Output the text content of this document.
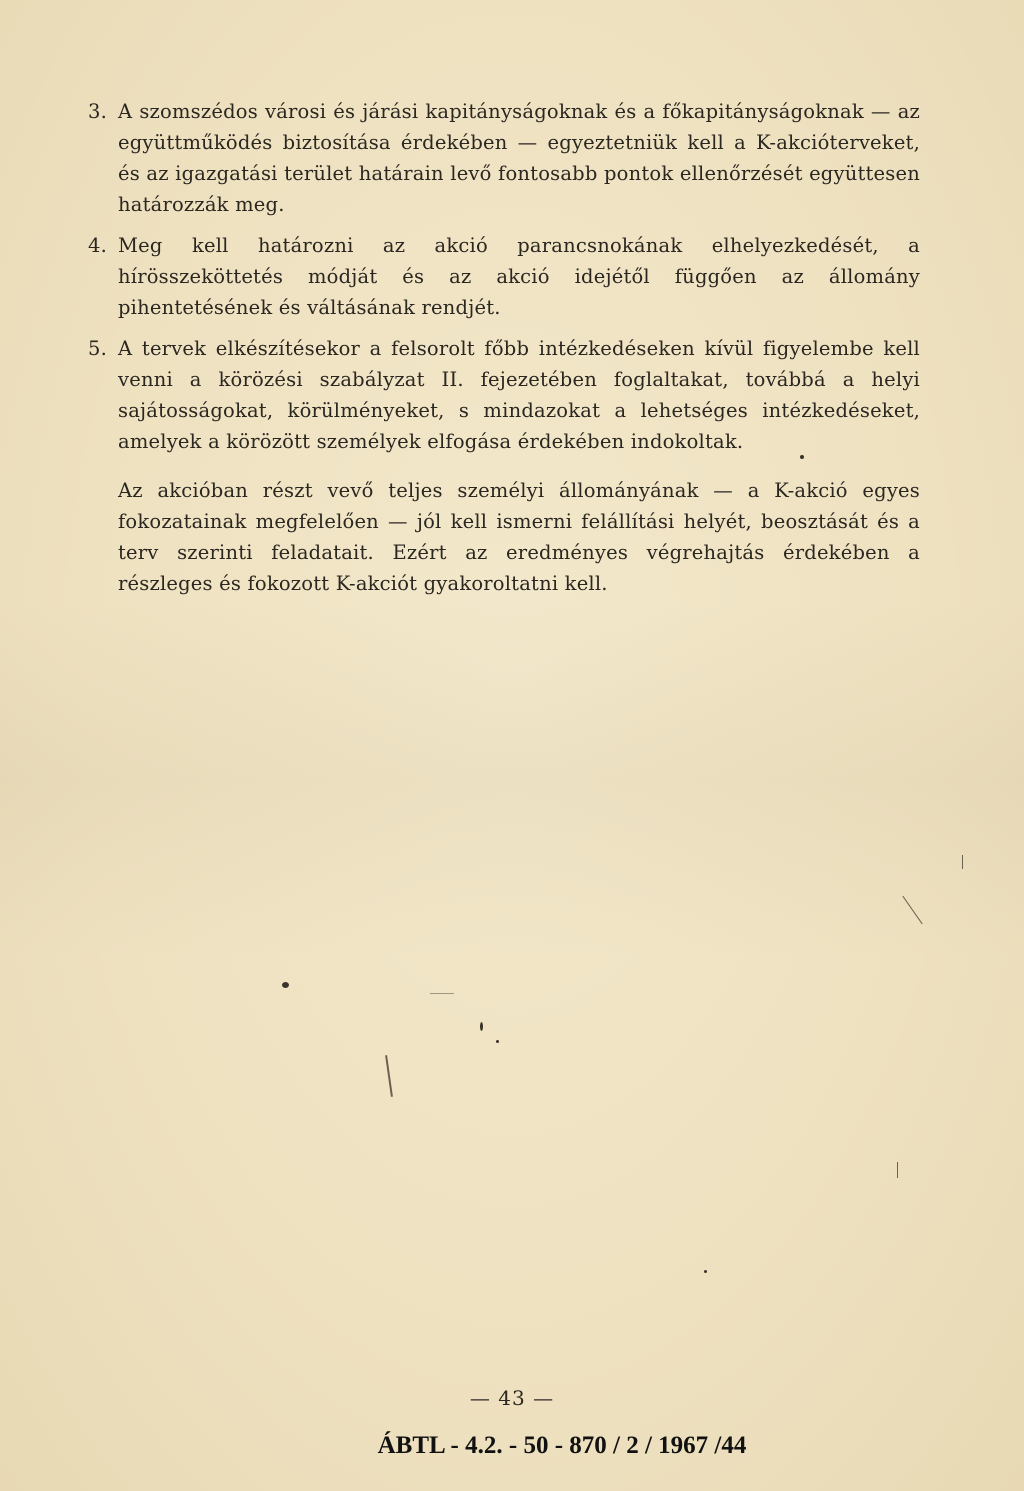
3. A szomszédos városi és járási kapitányságoknak és a főkapitányságoknak — az együttműködés biztosítása érdekében — egyeztetniük kell a K-akcióterveket, és az igazgatási terület határain levő fontosabb pontok ellenőrzését együttesen határozzák meg.
4. Meg kell határozni az akció parancsnokának elhelyezkedését, a hírösszeköttetés módját és az akció idejétől függően az állomány pihentetésének és váltásának rendjét.
5. A tervek elkészítésekor a felsorolt főbb intézkedéseken kívül figyelembe kell venni a körözési szabályzat II. fejezetében foglaltakat, továbbá a helyi sajátosságokat, körülményeket, s mindazokat a lehetséges intézkedéseket, amelyek a körözött személyek elfogása érdekében indokoltak.
Az akcióban részt vevő teljes személyi állományának — a K-akció egyes fokozatainak megfelelően — jól kell ismerni felállítási helyét, beosztását és a terv szerinti feladatait. Ezért az eredményes végrehajtás érdekében a részleges és fokozott K-akciót gyakoroltatni kell.
— 43 —
ÁBTL - 4.2. - 50 - 870 / 2 / 1967 /44
